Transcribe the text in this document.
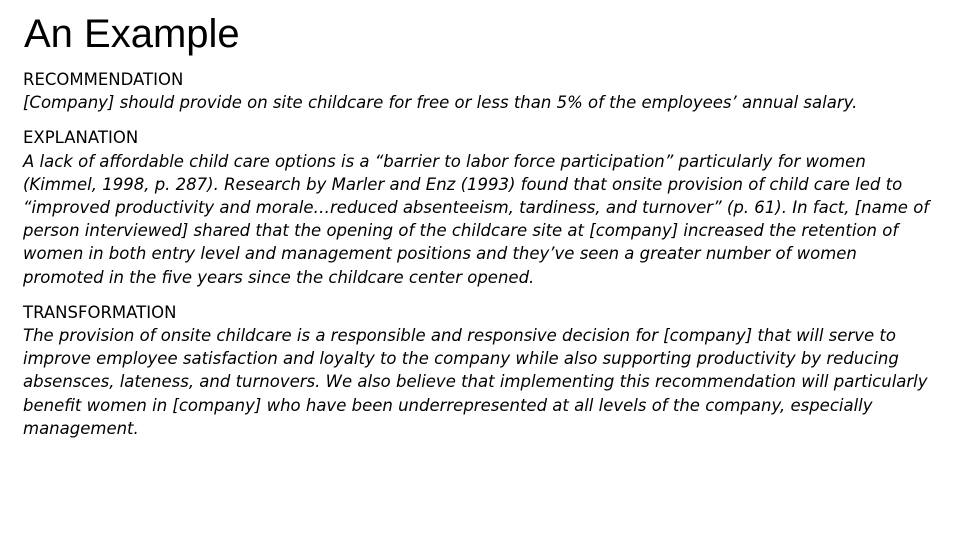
An Example
RECOMMENDATION
[Company] should provide on site childcare for free or less than 5% of the employees’ annual salary.
EXPLANATION
A lack of affordable child care options is a “barrier to labor force participation” particularly for women (Kimmel, 1998, p. 287). Research by Marler and Enz (1993) found that onsite provision of child care led to “improved productivity and morale…reduced absenteeism, tardiness, and turnover” (p. 61). In fact, [name of person interviewed] shared that the opening of the childcare site at [company] increased the retention of women in both entry level and management positions and they’ve seen a greater number of women promoted in the five years since the childcare center opened.
TRANSFORMATION
The provision of onsite childcare is a responsible and responsive decision for [company] that will serve to improve employee satisfaction and loyalty to the company while also supporting productivity by reducing absensces, lateness, and turnovers. We also believe that implementing this recommendation will particularly benefit women in [company] who have been underrepresented at all levels of the company, especially management.
